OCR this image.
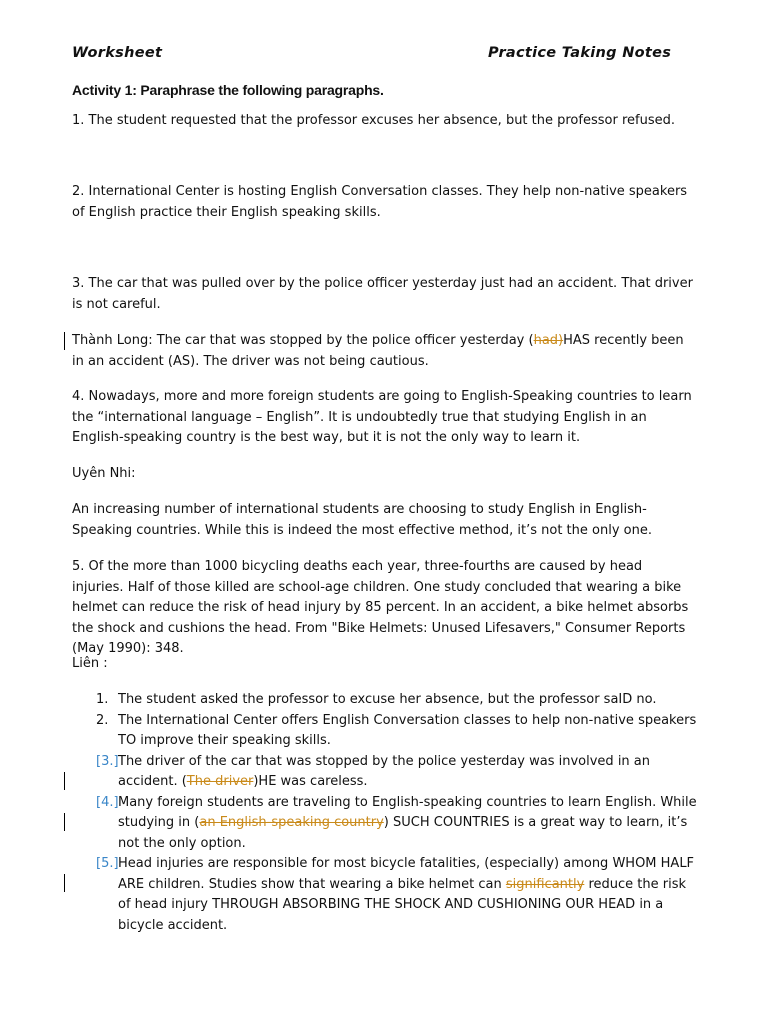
Worksheet	Practice Taking Notes

Activity 1: Paraphrase the following paragraphs.

1. The student requested that the professor excuses her absence, but the professor refused.

2. International Center is hosting English Conversation classes. They help non-native speakers of English practice their English speaking skills.

3. The car that was pulled over by the police officer yesterday just had an accident. That driver is not careful.

Thành Long: The car that was stopped by the police officer yesterday (had)HAS recently been in an accident (AS). The driver was not being cautious.

4. Nowadays, more and more foreign students are going to English-Speaking countries to learn the “international language – English”. It is undoubtedly true that studying English in an English-speaking country is the best way, but it is not the only way to learn it.

Uyên Nhi:

An increasing number of international students are choosing to study English in English-Speaking countries. While this is indeed the most effective method, it’s not the only one.

5. Of the more than 1000 bicycling deaths each year, three-fourths are caused by head injuries. Half of those killed are school-age children. One study concluded that wearing a bike helmet can reduce the risk of head injury by 85 percent. In an accident, a bike helmet absorbs the shock and cushions the head. From "Bike Helmets: Unused Lifesavers," Consumer Reports (May 1990): 348.

Liên :

1. The student asked the professor to excuse her absence, but the professor saID no.
2. The International Center offers English Conversation classes to help non-native speakers TO improve their speaking skills.
[3.] The driver of the car that was stopped by the police yesterday was involved in an accident. (The driver)HE was careless.
[4.] Many foreign students are traveling to English-speaking countries to learn English. While studying in (an English-speaking country) SUCH COUNTRIES is a great way to learn, it’s not the only option.
[5.] Head injuries are responsible for most bicycle fatalities, (especially) among WHOM HALF ARE children. Studies show that wearing a bike helmet can significantly reduce the risk of head injury THROUGH ABSORBING THE SHOCK AND CUSHIONING OUR HEAD in a bicycle accident.
